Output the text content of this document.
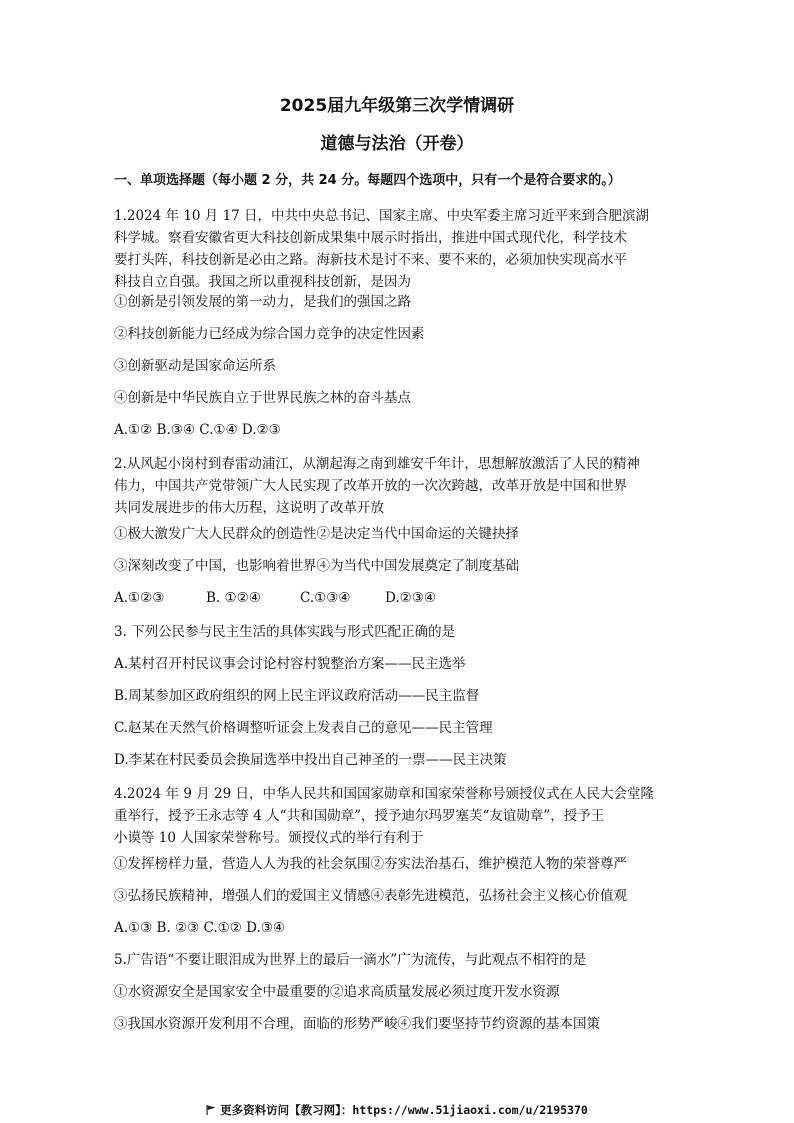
2025届九年级第三次学情调研
道德与法治（开卷）
一、单项选择题（每小题 2 分，共 24 分。每题四个选项中，只有一个是符合要求的。）
1.2024 年 10 月 17 日，中共中央总书记、国家主席、中央军委主席习近平来到合肥滨湖
科学城。察看安徽省更大科技创新成果集中展示时指出，推进中国式现代化，科学技术
要打头阵，科技创新是必由之路。海新技术是讨不来、要不来的，必须加快实现高水平
科技自立自强。我国之所以重视科技创新，是因为
①创新是引领发展的第一动力，是我们的强国之路
②科技创新能力已经成为综合国力竞争的决定性因素
③创新驱动是国家命运所系
④创新是中华民族自立于世界民族之林的奋斗基点
A.①② B.③④ C.①④ D.②③
2.从风起小岗村到春雷动浦江，从潮起海之南到雄安千年计，思想解放激活了人民的精神
伟力，中国共产党带领广大人民实现了改革开放的一次次跨越，改革开放是中国和世界
共同发展进步的伟大历程，这说明了改革开放
①极大激发广大人民群众的创造性②是决定当代中国命运的关键抉择
③深刻改变了中国，也影响着世界④为当代中国发展奠定了制度基础
A.①②③	B. ①②④	C.①③④	D.②③④
3. 下列公民参与民主生活的具体实践与形式匹配正确的是
A.某村召开村民议事会讨论村容村貌整治方案——民主选举
B.周某参加区政府组织的网上民主评议政府活动——民主监督
C.赵某在天然气价格调整听证会上发表自己的意见——民主管理
D.李某在村民委员会换届选举中投出自己神圣的一票——民主决策
4.2024 年 9 月 29 日，中华人民共和国国家勋章和国家荣誉称号颁授仪式在人民大会堂隆
重举行，授予王永志等 4 人“共和国勋章”，授予迪尔玛罗塞芙“友谊勋章”，授予王
小谟等 10 人国家荣誉称号。颁授仪式的举行有利于
①发挥榜样力量，营造人人为我的社会氛围②夯实法治基石，维护模范人物的荣誉尊严
③弘扬民族精神，增强人们的爱国主义情感④表彰先进模范，弘扬社会主义核心价值观
A.①③ B. ②③ C.①② D.③④
5.广告语“不要让眼泪成为世界上的最后一滴水”广为流传，与此观点不相符的是
①水资源安全是国家安全中最重要的②追求高质量发展必须过度开发水资源
③我国水资源开发利用不合理，面临的形势严峻④我们要坚持节约资源的基本国策
更多资料访问【教习网】：https://www.51jiaoxi.com/u/2195370
